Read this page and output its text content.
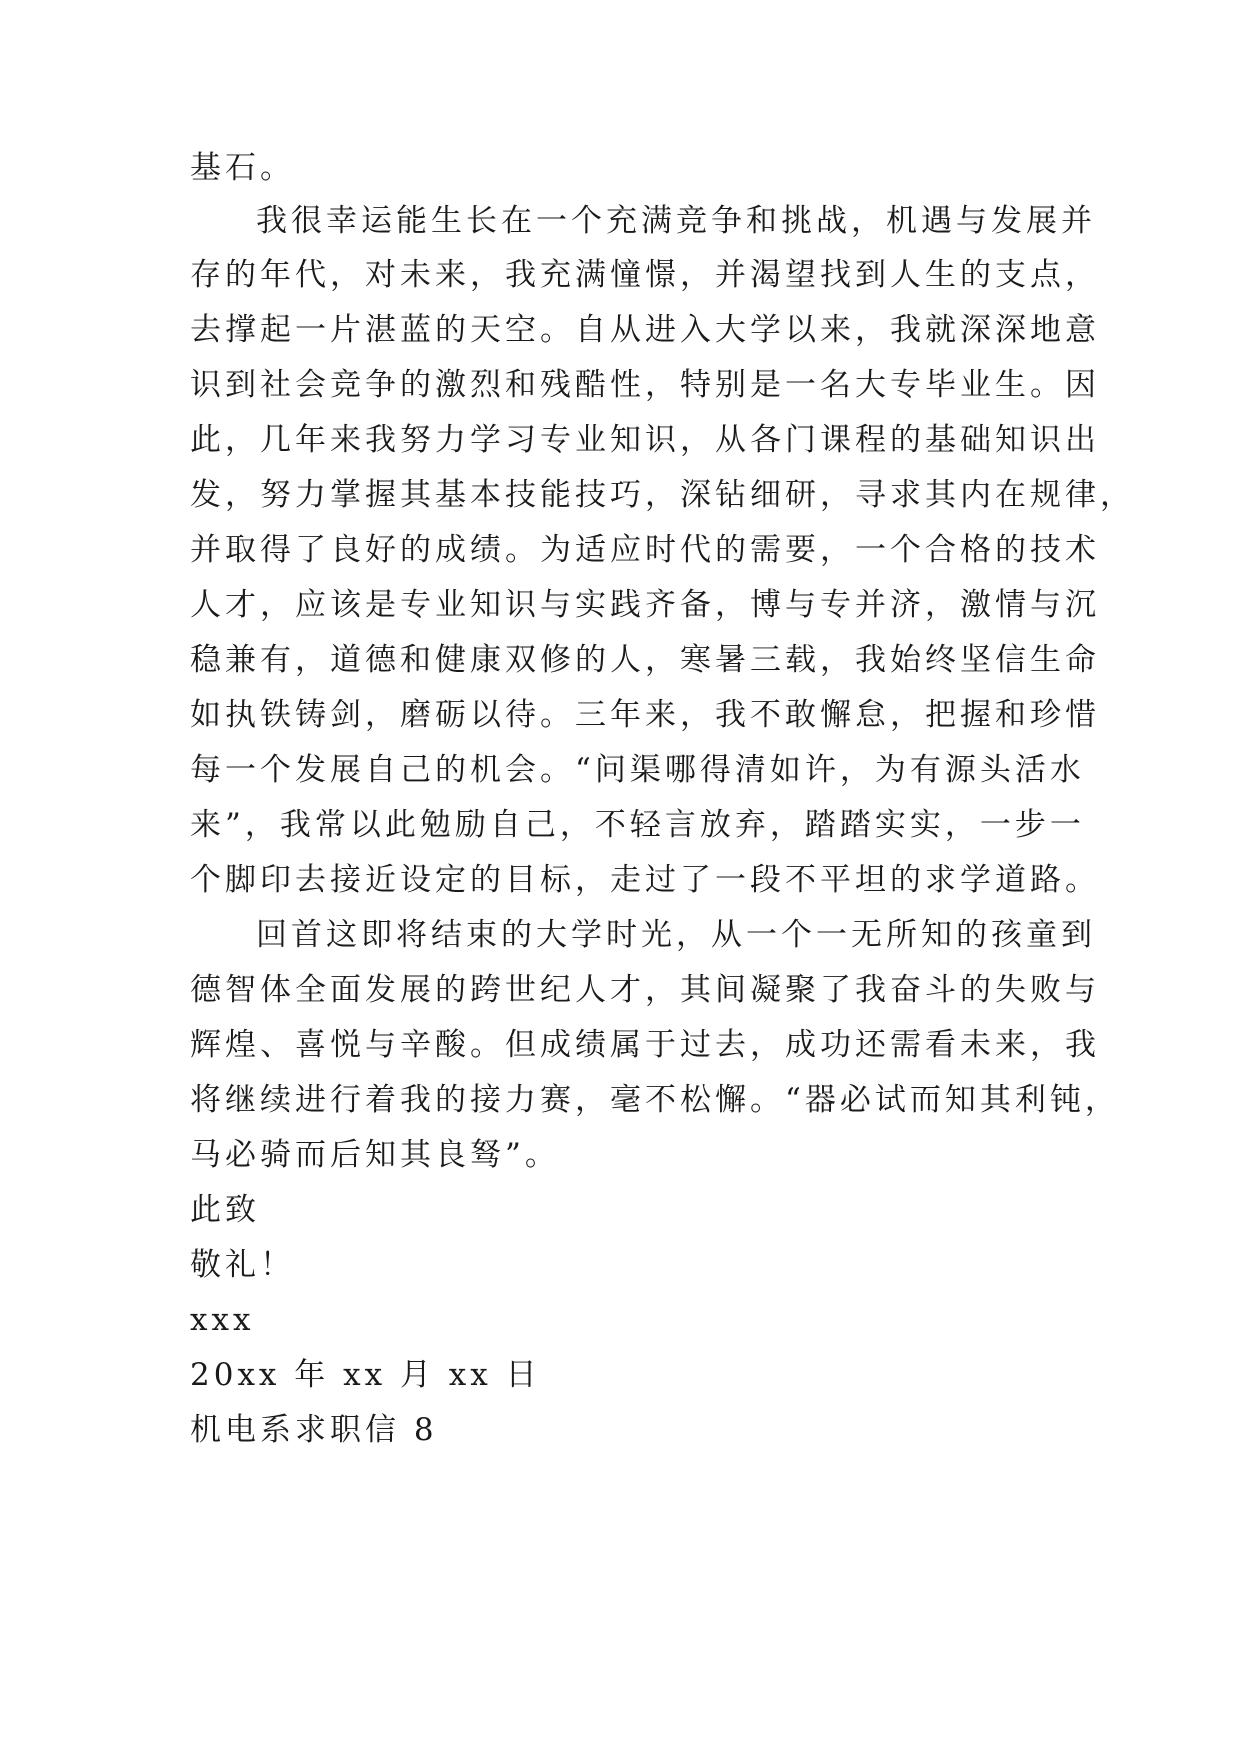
基石。

我很幸运能生长在一个充满竞争和挑战，机遇与发展并

存的年代，对未来，我充满憧憬，并渴望找到人生的支点，

去撑起一片湛蓝的天空。自从进入大学以来，我就深深地意

识到社会竞争的激烈和残酷性，特别是一名大专毕业生。因

此，几年来我努力学习专业知识，从各门课程的基础知识出

发，努力掌握其基本技能技巧，深钻细研，寻求其内在规律，

并取得了良好的成绩。为适应时代的需要，一个合格的技术

人才，应该是专业知识与实践齐备，博与专并济，激情与沉

稳兼有，道德和健康双修的人，寒暑三载，我始终坚信生命

如执铁铸剑，磨砺以待。三年来，我不敢懈怠，把握和珍惜

每一个发展自己的机会。“问渠哪得清如许，为有源头活水

来”，我常以此勉励自己，不轻言放弃，踏踏实实，一步一

个脚印去接近设定的目标，走过了一段不平坦的求学道路。

回首这即将结束的大学时光，从一个一无所知的孩童到

德智体全面发展的跨世纪人才，其间凝聚了我奋斗的失败与

辉煌、喜悦与辛酸。但成绩属于过去，成功还需看未来，我

将继续进行着我的接力赛，毫不松懈。“器必试而知其利钝，

马必骑而后知其良驽”。

此致

敬礼！

xxx

20xx 年 xx 月 xx 日

机电系求职信 8
